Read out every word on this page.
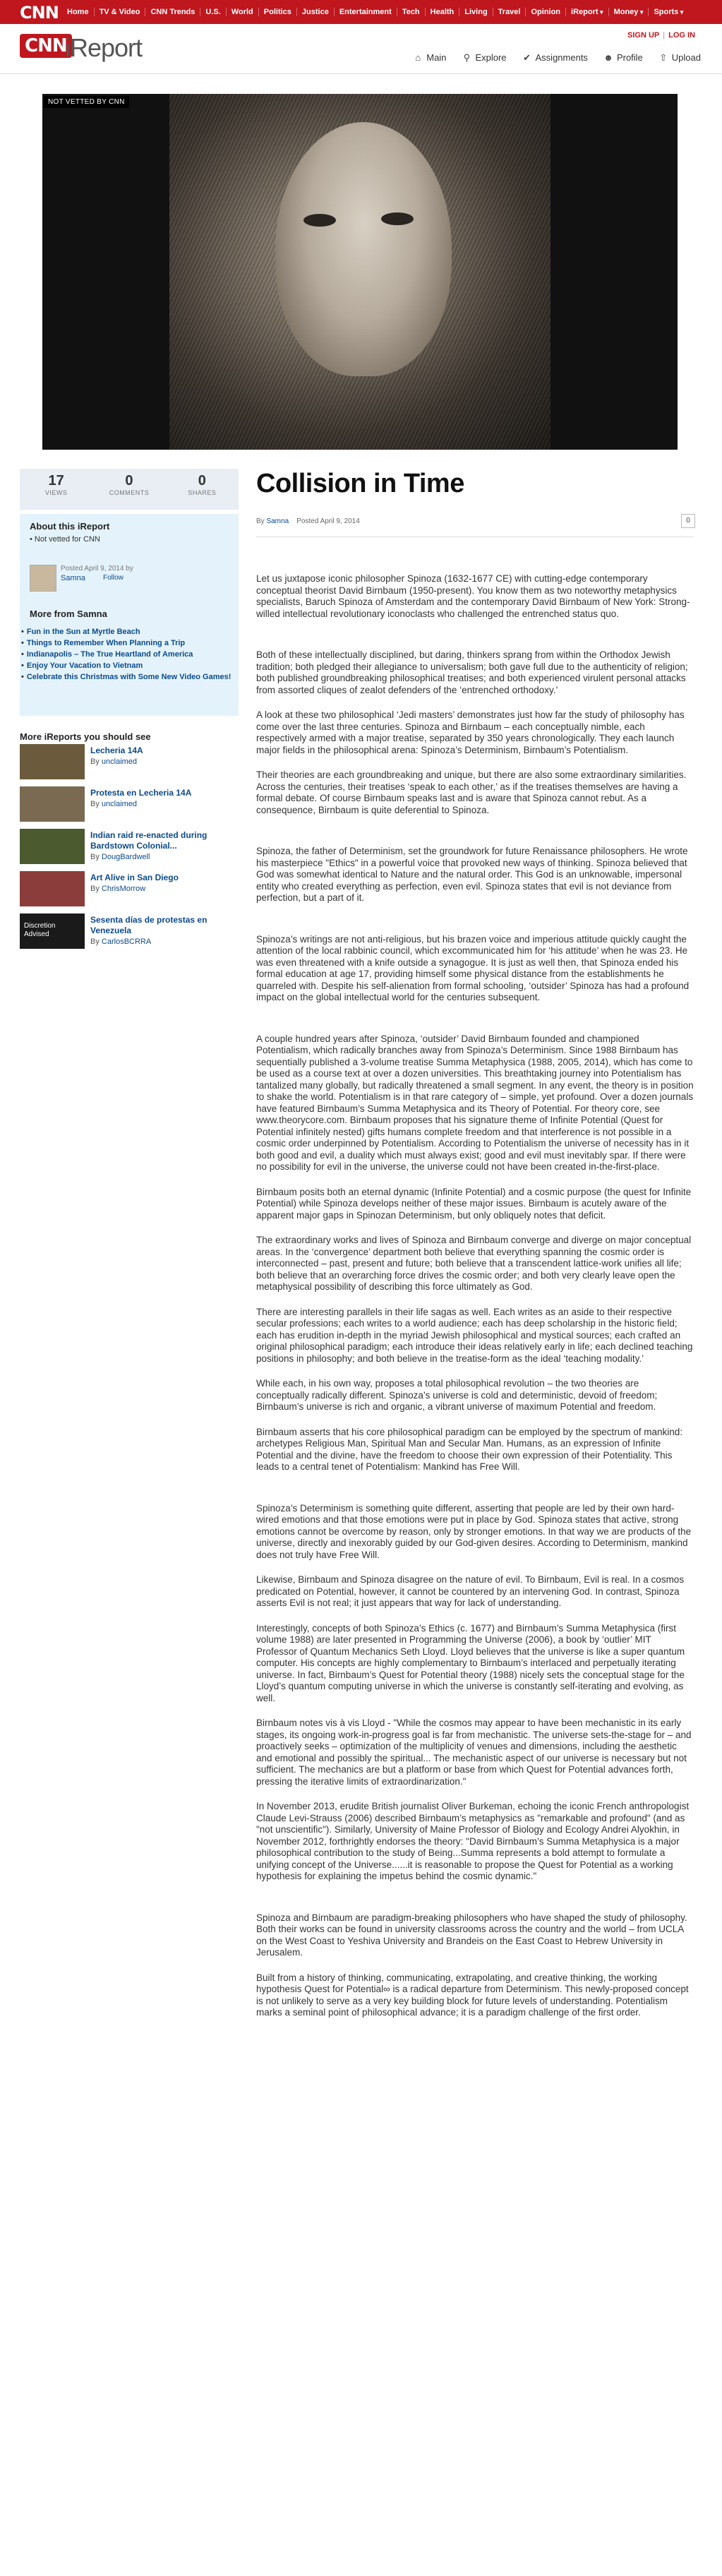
CNN	Home	TV & Video	CNN Trends	U.S.	World	Politics	Justice	Entertainment	Tech	Health	Living	Travel	Opinion	iReport ▾	Money ▾	Sports ▾
SIGN UP | LOG IN
CNN
iReport	⌂ Main ⚲ Explore ✔ Assignments ☻ Profile ⇧ Upload
NOT VETTED BY CNN
17
VIEWS
0
COMMENTS
0
SHARES
About this iReport
• Not vetted for CNN
Posted April 9, 2014 by
Samna	Follow
More from Samna
• Fun in the Sun at Myrtle Beach
• Things to Remember When Planning a Trip
• Indianapolis – The True Heartland of America
• Enjoy Your Vacation to Vietnam
• Celebrate this Christmas with Some New Video Games!
More iReports you should see
Lecheria 14A
By unclaimed
Protesta en Lecheria 14A
By unclaimed
Indian raid re-enacted during Bardstown Colonial...
By DougBardwell
Art Alive in San Diego
By ChrisMorrow
Discretion Advised
Sesenta días de protestas en Venezuela
By CarlosBCRRA
Collision in Time
By Samna Posted April 9, 2014	0

Let us juxtapose iconic philosopher Spinoza (1632-1677 CE) with cutting-edge contemporary conceptual theorist David Birnbaum (1950-present). You know them as two noteworthy metaphysics specialists, Baruch Spinoza of Amsterdam and the contemporary David Birnbaum of New York: Strong-willed intellectual revolutionary iconoclasts who challenged the entrenched status quo.

Both of these intellectually disciplined, but daring, thinkers sprang from within the Orthodox Jewish tradition; both pledged their allegiance to universalism; both gave full due to the authenticity of religion; both published groundbreaking philosophical treatises; and both experienced virulent personal attacks from assorted cliques of zealot defenders of the ‘entrenched orthodoxy.’

A look at these two philosophical ‘Jedi masters’ demonstrates just how far the study of philosophy has come over the last three centuries. Spinoza and Birnbaum – each conceptually nimble, each respectively armed with a major treatise, separated by 350 years chronologically. They each launch major fields in the philosophical arena: Spinoza’s Determinism, Birnbaum’s Potentialism.

Their theories are each groundbreaking and unique, but there are also some extraordinary similarities. Across the centuries, their treatises ‘speak to each other,’ as if the treatises themselves are having a formal debate. Of course Birnbaum speaks last and is aware that Spinoza cannot rebut. As a consequence, Birnbaum is quite deferential to Spinoza.

Spinoza, the father of Determinism, set the groundwork for future Renaissance philosophers. He wrote his masterpiece "Ethics" in a powerful voice that provoked new ways of thinking. Spinoza believed that God was somewhat identical to Nature and the natural order. This God is an unknowable, impersonal entity who created everything as perfection, even evil. Spinoza states that evil is not deviance from perfection, but a part of it.

Spinoza’s writings are not anti-religious, but his brazen voice and imperious attitude quickly caught the attention of the local rabbinic council, which excommunicated him for ‘his attitude’ when he was 23. He was even threatened with a knife outside a synagogue. It is just as well then, that Spinoza ended his formal education at age 17, providing himself some physical distance from the establishments he quarreled with. Despite his self-alienation from formal schooling, ‘outsider’ Spinoza has had a profound impact on the global intellectual world for the centuries subsequent.

A couple hundred years after Spinoza, ‘outsider’ David Birnbaum founded and championed Potentialism, which radically branches away from Spinoza’s Determinism. Since 1988 Birnbaum has sequentially published a 3-volume treatise Summa Metaphysica (1988, 2005, 2014), which has come to be used as a course text at over a dozen universities. This breathtaking journey into Potentialism has tantalized many globally, but radically threatened a small segment. In any event, the theory is in position to shake the world. Potentialism is in that rare category of – simple, yet profound. Over a dozen journals have featured Birnbaum’s Summa Metaphysica and its Theory of Potential. For theory core, see www.theorycore.com. Birnbaum proposes that his signature theme of Infinite Potential (Quest for Potential infinitely nested) gifts humans complete freedom and that interference is not possible in a cosmic order underpinned by Potentialism. According to Potentialism the universe of necessity has in it both good and evil, a duality which must always exist; good and evil must inevitably spar. If there were no possibility for evil in the universe, the universe could not have been created in-the-first-place.

Birnbaum posits both an eternal dynamic (Infinite Potential) and a cosmic purpose (the quest for Infinite Potential) while Spinoza develops neither of these major issues. Birnbaum is acutely aware of the apparent major gaps in Spinozan Determinism, but only obliquely notes that deficit.

The extraordinary works and lives of Spinoza and Birnbaum converge and diverge on major conceptual areas. In the ‘convergence’ department both believe that everything spanning the cosmic order is interconnected – past, present and future; both believe that a transcendent lattice-work unifies all life; both believe that an overarching force drives the cosmic order; and both very clearly leave open the metaphysical possibility of describing this force ultimately as God.

There are interesting parallels in their life sagas as well. Each writes as an aside to their respective secular professions; each writes to a world audience; each has deep scholarship in the historic field; each has erudition in-depth in the myriad Jewish philosophical and mystical sources; each crafted an original philosophical paradigm; each introduce their ideas relatively early in life; each declined teaching positions in philosophy; and both believe in the treatise-form as the ideal ‘teaching modality.’

While each, in his own way, proposes a total philosophical revolution – the two theories are conceptually radically different. Spinoza’s universe is cold and deterministic, devoid of freedom; Birnbaum’s universe is rich and organic, a vibrant universe of maximum Potential and freedom.

Birnbaum asserts that his core philosophical paradigm can be employed by the spectrum of mankind: archetypes Religious Man, Spiritual Man and Secular Man. Humans, as an expression of Infinite Potential and the divine, have the freedom to choose their own expression of their Potentiality. This leads to a central tenet of Potentialism: Mankind has Free Will.

Spinoza’s Determinism is something quite different, asserting that people are led by their own hard-wired emotions and that those emotions were put in place by God. Spinoza states that active, strong emotions cannot be overcome by reason, only by stronger emotions. In that way we are products of the universe, directly and inexorably guided by our God-given desires. According to Determinism, mankind does not truly have Free Will.

Likewise, Birnbaum and Spinoza disagree on the nature of evil. To Birnbaum, Evil is real. In a cosmos predicated on Potential, however, it cannot be countered by an intervening God. In contrast, Spinoza asserts Evil is not real; it just appears that way for lack of understanding.

Interestingly, concepts of both Spinoza’s Ethics (c. 1677) and Birnbaum’s Summa Metaphysica (first volume 1988) are later presented in Programming the Universe (2006), a book by ‘outlier’ MIT Professor of Quantum Mechanics Seth Lloyd. Lloyd believes that the universe is like a super quantum computer. His concepts are highly complementary to Birnbaum’s interlaced and perpetually iterating universe. In fact, Birnbaum’s Quest for Potential theory (1988) nicely sets the conceptual stage for the Lloyd’s quantum computing universe in which the universe is constantly self-iterating and evolving, as well.

Birnbaum notes vis à vis Lloyd - "While the cosmos may appear to have been mechanistic in its early stages, its ongoing work-in-progress goal is far from mechanistic. The universe sets-the-stage for – and proactively seeks – optimization of the multiplicity of venues and dimensions, including the aesthetic and emotional and possibly the spiritual... The mechanistic aspect of our universe is necessary but not sufficient. The mechanics are but a platform or base from which Quest for Potential advances forth, pressing the iterative limits of extraordinarization."

In November 2013, erudite British journalist Oliver Burkeman, echoing the iconic French anthropologist Claude Levi-Strauss (2006) described Birnbaum’s metaphysics as "remarkable and profound" (and as "not unscientific"). Similarly, University of Maine Professor of Biology and Ecology Andrei Alyokhin, in November 2012, forthrightly endorses the theory: "David Birnbaum’s Summa Metaphysica is a major philosophical contribution to the study of Being...Summa represents a bold attempt to formulate a unifying concept of the Universe......it is reasonable to propose the Quest for Potential as a working hypothesis for explaining the impetus behind the cosmic dynamic."

Spinoza and Birnbaum are paradigm-breaking philosophers who have shaped the study of philosophy. Both their works can be found in university classrooms across the country and the world – from UCLA on the West Coast to Yeshiva University and Brandeis on the East Coast to Hebrew University in Jerusalem.

Built from a history of thinking, communicating, extrapolating, and creative thinking, the working hypothesis Quest for Potential∞ is a radical departure from Determinism. This newly-proposed concept is not unlikely to serve as a very key building block for future levels of understanding. Potentialism marks a seminal point of philosophical advance; it is a paradigm challenge of the first order.
